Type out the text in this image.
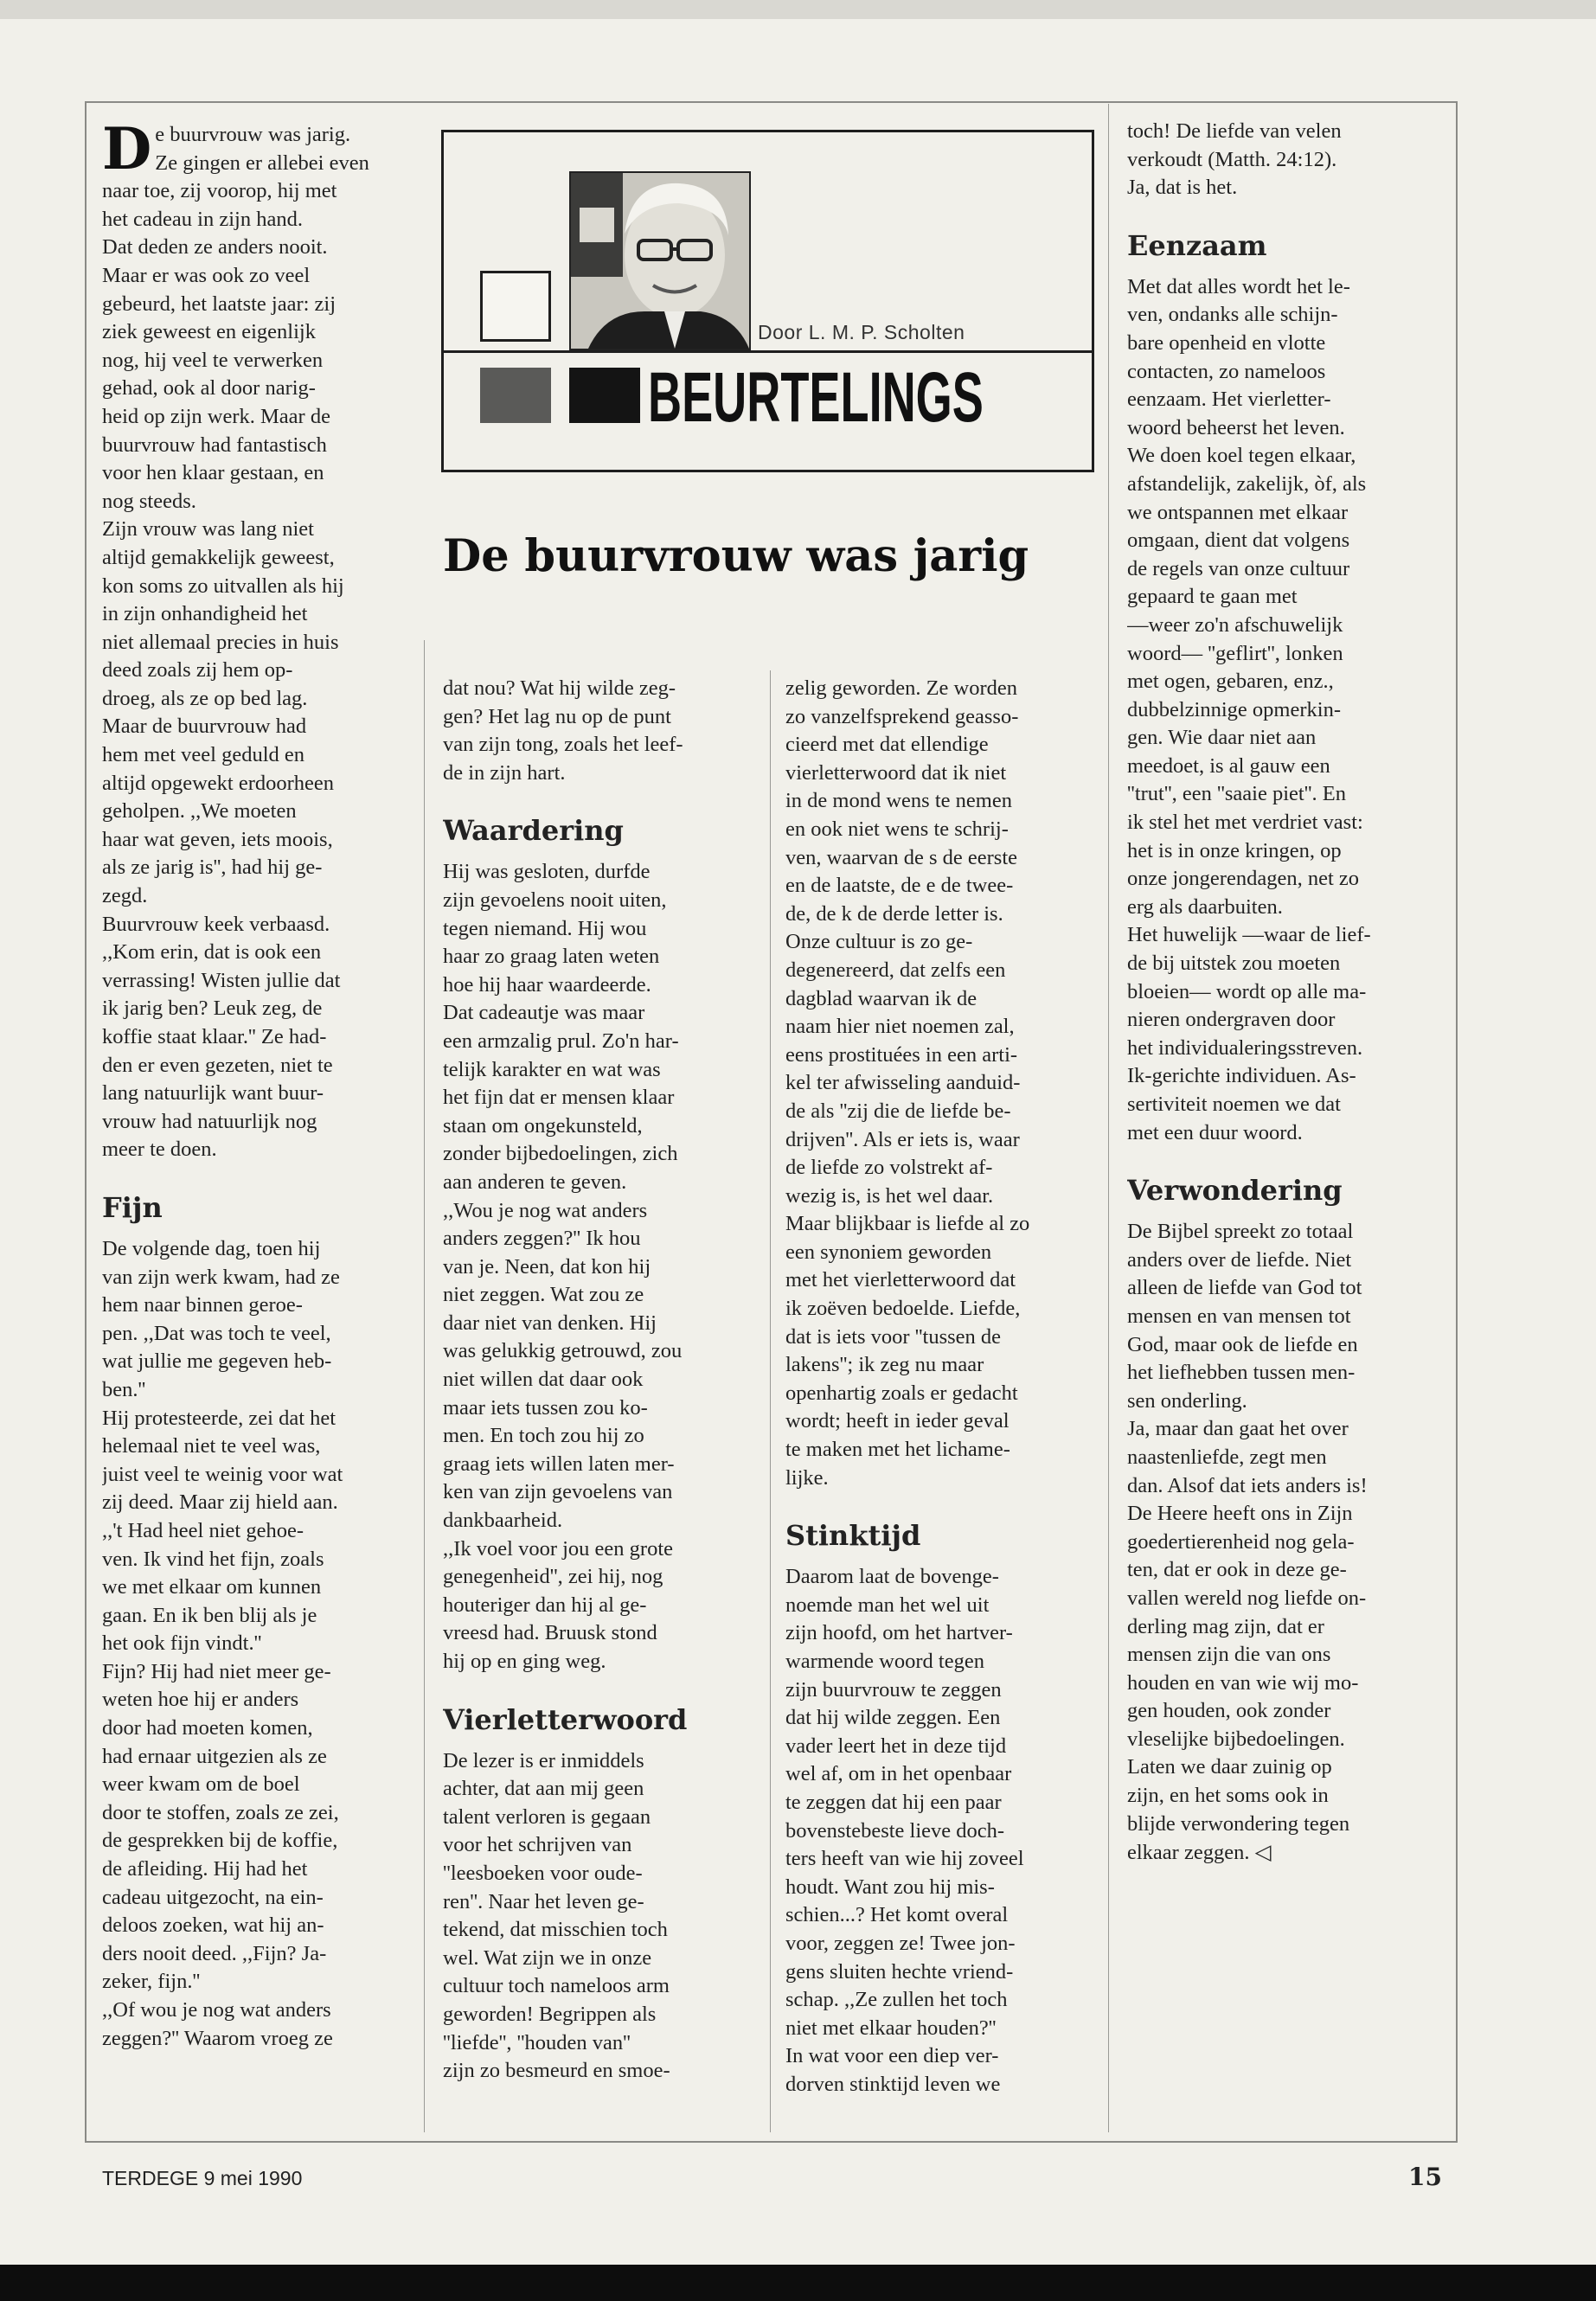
De buurvrouw was jarig.
Ze gingen er allebei even
naar toe, zij voorop, hij met
het cadeau in zijn hand.
Dat deden ze anders nooit.
Maar er was ook zo veel
gebeurd, het laatste jaar: zij
ziek geweest en eigenlijk
nog, hij veel te verwerken
gehad, ook al door narig-
heid op zijn werk. Maar de
buurvrouw had fantastisch
voor hen klaar gestaan, en
nog steeds.
Zijn vrouw was lang niet
altijd gemakkelijk geweest,
kon soms zo uitvallen als hij
in zijn onhandigheid het
niet allemaal precies in huis
deed zoals zij hem op-
droeg, als ze op bed lag.
Maar de buurvrouw had
hem met veel geduld en
altijd opgewekt erdoorheen
geholpen. ,,We moeten
haar wat geven, iets moois,
als ze jarig is'', had hij ge-
zegd.
Buurvrouw keek verbaasd.
,,Kom erin, dat is ook een
verrassing! Wisten jullie dat
ik jarig ben? Leuk zeg, de
koffie staat klaar.'' Ze had-
den er even gezeten, niet te
lang natuurlijk want buur-
vrouw had natuurlijk nog
meer te doen.

Fijn

De volgende dag, toen hij
van zijn werk kwam, had ze
hem naar binnen geroe-
pen. ,,Dat was toch te veel,
wat jullie me gegeven heb-
ben.''
Hij protesteerde, zei dat het
helemaal niet te veel was,
juist veel te weinig voor wat
zij deed. Maar zij hield aan.
,,'t Had heel niet gehoe-
ven. Ik vind het fijn, zoals
we met elkaar om kunnen
gaan. En ik ben blij als je
het ook fijn vindt.''
Fijn? Hij had niet meer ge-
weten hoe hij er anders
door had moeten komen,
had ernaar uitgezien als ze
weer kwam om de boel
door te stoffen, zoals ze zei,
de gesprekken bij de koffie,
de afleiding. Hij had het
cadeau uitgezocht, na ein-
deloos zoeken, wat hij an-
ders nooit deed. ,,Fijn? Ja-
zeker, fijn.''
,,Of wou je nog wat anders
zeggen?'' Waarom vroeg ze

Door L. M. P. Scholten
BEURTELINGS
De buurvrouw was jarig

dat nou? Wat hij wilde zeg-
gen? Het lag nu op de punt
van zijn tong, zoals het leef-
de in zijn hart.

Waardering

Hij was gesloten, durfde
zijn gevoelens nooit uiten,
tegen niemand. Hij wou
haar zo graag laten weten
hoe hij haar waardeerde.
Dat cadeautje was maar
een armzalig prul. Zo'n har-
telijk karakter en wat was
het fijn dat er mensen klaar
staan om ongekunsteld,
zonder bijbedoelingen, zich
aan anderen te geven.
,,Wou je nog wat anders
anders zeggen?'' Ik hou
van je. Neen, dat kon hij
niet zeggen. Wat zou ze
daar niet van denken. Hij
was gelukkig getrouwd, zou
niet willen dat daar ook
maar iets tussen zou ko-
men. En toch zou hij zo
graag iets willen laten mer-
ken van zijn gevoelens van
dankbaarheid.
,,Ik voel voor jou een grote
genegenheid'', zei hij, nog
houteriger dan hij al ge-
vreesd had. Bruusk stond
hij op en ging weg.

Vierletterwoord

De lezer is er inmiddels
achter, dat aan mij geen
talent verloren is gegaan
voor het schrijven van
''leesboeken voor oude-
ren''. Naar het leven ge-
tekend, dat misschien toch
wel. Wat zijn we in onze
cultuur toch nameloos arm
geworden! Begrippen als
''liefde'', ''houden van''
zijn zo besmeurd en smoe-

zelig geworden. Ze worden
zo vanzelfsprekend geasso-
cieerd met dat ellendige
vierletterwoord dat ik niet
in de mond wens te nemen
en ook niet wens te schrij-
ven, waarvan de s de eerste
en de laatste, de e de twee-
de, de k de derde letter is.
Onze cultuur is zo ge-
degenereerd, dat zelfs een
dagblad waarvan ik de
naam hier niet noemen zal,
eens prostituées in een arti-
kel ter afwisseling aanduid-
de als ''zij die de liefde be-
drijven''. Als er iets is, waar
de liefde zo volstrekt af-
wezig is, is het wel daar.
Maar blijkbaar is liefde al zo
een synoniem geworden
met het vierletterwoord dat
ik zoëven bedoelde. Liefde,
dat is iets voor ''tussen de
lakens''; ik zeg nu maar
openhartig zoals er gedacht
wordt; heeft in ieder geval
te maken met het lichame-
lijke.

Stinktijd

Daarom laat de bovenge-
noemde man het wel uit
zijn hoofd, om het hartver-
warmende woord tegen
zijn buurvrouw te zeggen
dat hij wilde zeggen. Een
vader leert het in deze tijd
wel af, om in het openbaar
te zeggen dat hij een paar
bovenstebeste lieve doch-
ters heeft van wie hij zoveel
houdt. Want zou hij mis-
schien...? Het komt overal
voor, zeggen ze! Twee jon-
gens sluiten hechte vriend-
schap. ,,Ze zullen het toch
niet met elkaar houden?''
In wat voor een diep ver-
dorven stinktijd leven we

toch! De liefde van velen
verkoudt (Matth. 24:12).
Ja, dat is het.

Eenzaam

Met dat alles wordt het le-
ven, ondanks alle schijn-
bare openheid en vlotte
contacten, zo nameloos
eenzaam. Het vierletter-
woord beheerst het leven.
We doen koel tegen elkaar,
afstandelijk, zakelijk, òf, als
we ontspannen met elkaar
omgaan, dient dat volgens
de regels van onze cultuur
gepaard te gaan met
—weer zo'n afschuwelijk
woord— ''geflirt'', lonken
met ogen, gebaren, enz.,
dubbelzinnige opmerkin-
gen. Wie daar niet aan
meedoet, is al gauw een
''trut'', een ''saaie piet''. En
ik stel het met verdriet vast:
het is in onze kringen, op
onze jongerendagen, net zo
erg als daarbuiten.
Het huwelijk —waar de lief-
de bij uitstek zou moeten
bloeien— wordt op alle ma-
nieren ondergraven door
het individualeringsstreven.
Ik-gerichte individuen. As-
sertiviteit noemen we dat
met een duur woord.

Verwondering

De Bijbel spreekt zo totaal
anders over de liefde. Niet
alleen de liefde van God tot
mensen en van mensen tot
God, maar ook de liefde en
het liefhebben tussen men-
sen onderling.
Ja, maar dan gaat het over
naastenliefde, zegt men
dan. Alsof dat iets anders is!
De Heere heeft ons in Zijn
goedertierenheid nog gela-
ten, dat er ook in deze ge-
vallen wereld nog liefde on-
derling mag zijn, dat er
mensen zijn die van ons
houden en van wie wij mo-
gen houden, ook zonder
vleselijke bijbedoelingen.
Laten we daar zuinig op
zijn, en het soms ook in
blijde verwondering tegen
elkaar zeggen. ◁

TERDEGE 9 mei 1990	15
